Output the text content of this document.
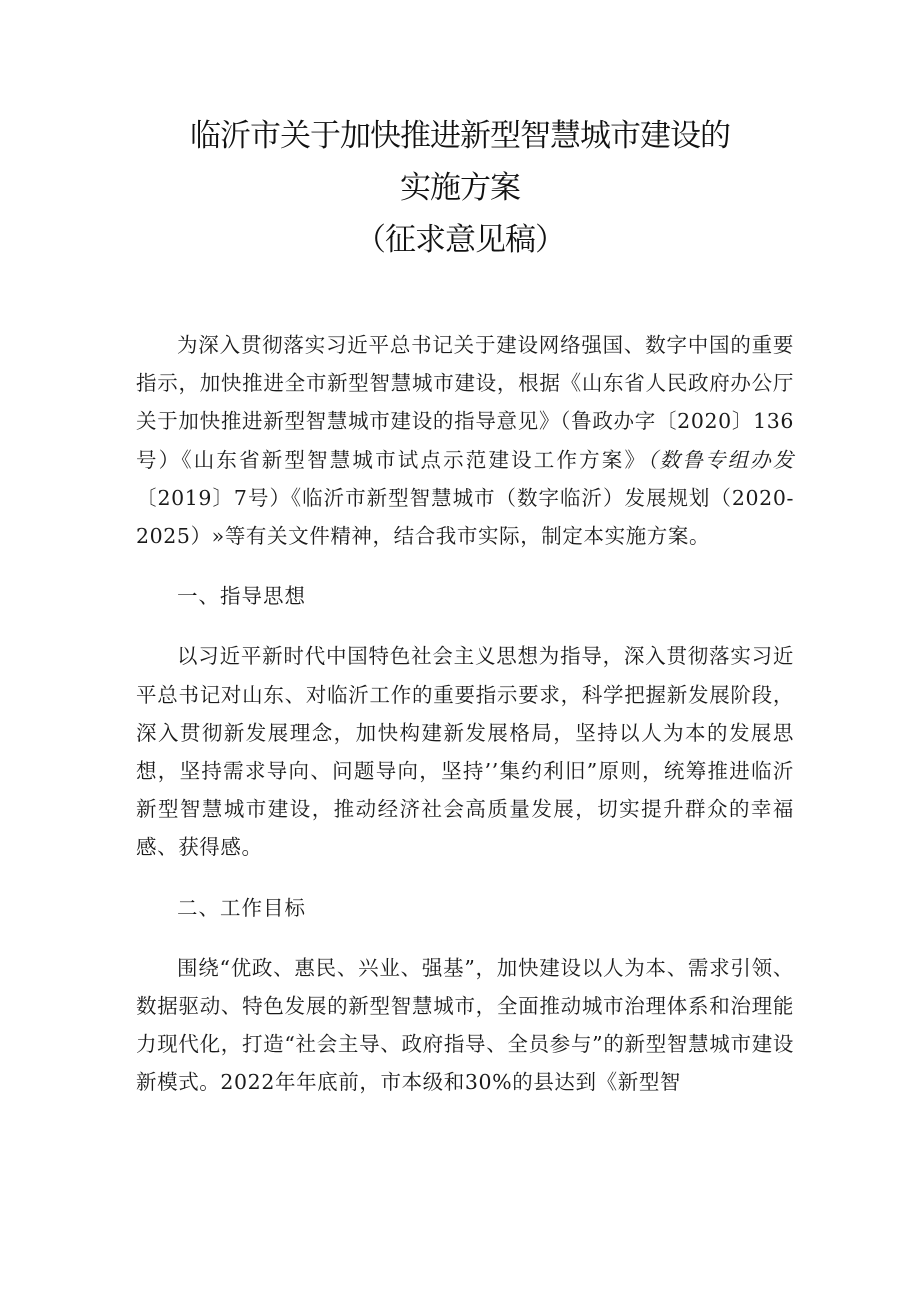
临沂市关于加快推进新型智慧城市建设的
实施方案
（征求意见稿）

为深入贯彻落实习近平总书记关于建设网络强国、数字中国的重要指示，加快推进全市新型智慧城市建设，根据《山东省人民政府办公厅关于加快推进新型智慧城市建设的指导意见》（鲁政办字〔2020〕136号）《山东省新型智慧城市试点示范建设工作方案》（数鲁专组办发〔2019〕7号）《临沂市新型智慧城市（数字临沂）发展规划（2020-2025）»等有关文件精神，结合我市实际，制定本实施方案。

一、指导思想

以习近平新时代中国特色社会主义思想为指导，深入贯彻落实习近平总书记对山东、对临沂工作的重要指示要求，科学把握新发展阶段，深入贯彻新发展理念，加快构建新发展格局，坚持以人为本的发展思想，坚持需求导向、问题导向，坚持’’集约利旧”原则，统筹推进临沂新型智慧城市建设，推动经济社会高质量发展，切实提升群众的幸福感、获得感。

二、工作目标

围绕“优政、惠民、兴业、强基”，加快建设以人为本、需求引领、数据驱动、特色发展的新型智慧城市，全面推动城市治理体系和治理能力现代化，打造“社会主导、政府指导、全员参与”的新型智慧城市建设新模式。2022年年底前，市本级和30%的县达到《新型智
